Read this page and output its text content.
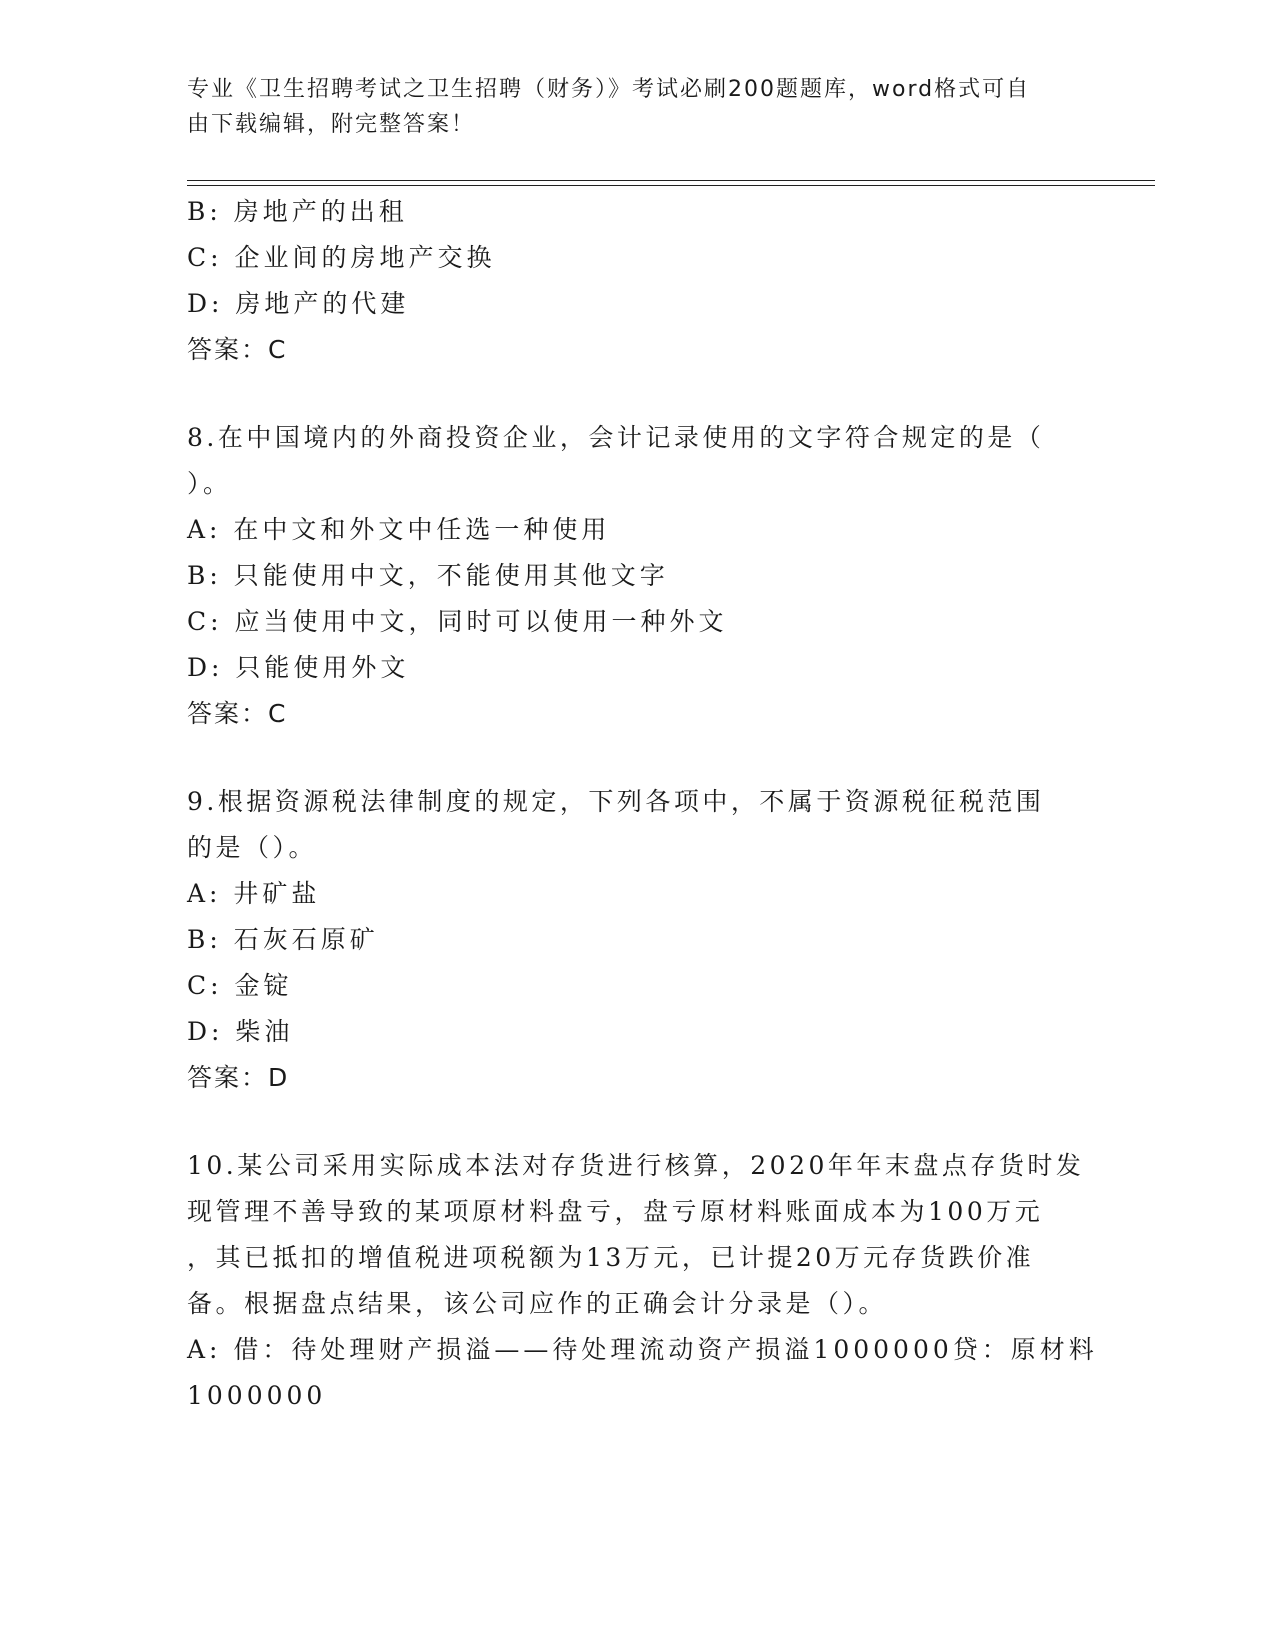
专业《卫生招聘考试之卫生招聘（财务）》考试必刷200题题库，word格式可自
由下载编辑，附完整答案！
B: 房地产的出租
C: 企业间的房地产交换
D: 房地产的代建
答案：C
8.在中国境内的外商投资企业，会计记录使用的文字符合规定的是（
）。
A: 在中文和外文中任选一种使用
B: 只能使用中文，不能使用其他文字
C: 应当使用中文，同时可以使用一种外文
D: 只能使用外文
答案：C
9.根据资源税法律制度的规定，下列各项中，不属于资源税征税范围
的是（）。
A: 井矿盐
B: 石灰石原矿
C: 金锭
D: 柴油
答案：D
10.某公司采用实际成本法对存货进行核算，2020年年末盘点存货时发
现管理不善导致的某项原材料盘亏，盘亏原材料账面成本为100万元
，其已抵扣的增值税进项税额为13万元，已计提20万元存货跌价准
备。根据盘点结果，该公司应作的正确会计分录是（）。
A: 借：待处理财产损溢——待处理流动资产损溢1000000贷：原材料
1000000
